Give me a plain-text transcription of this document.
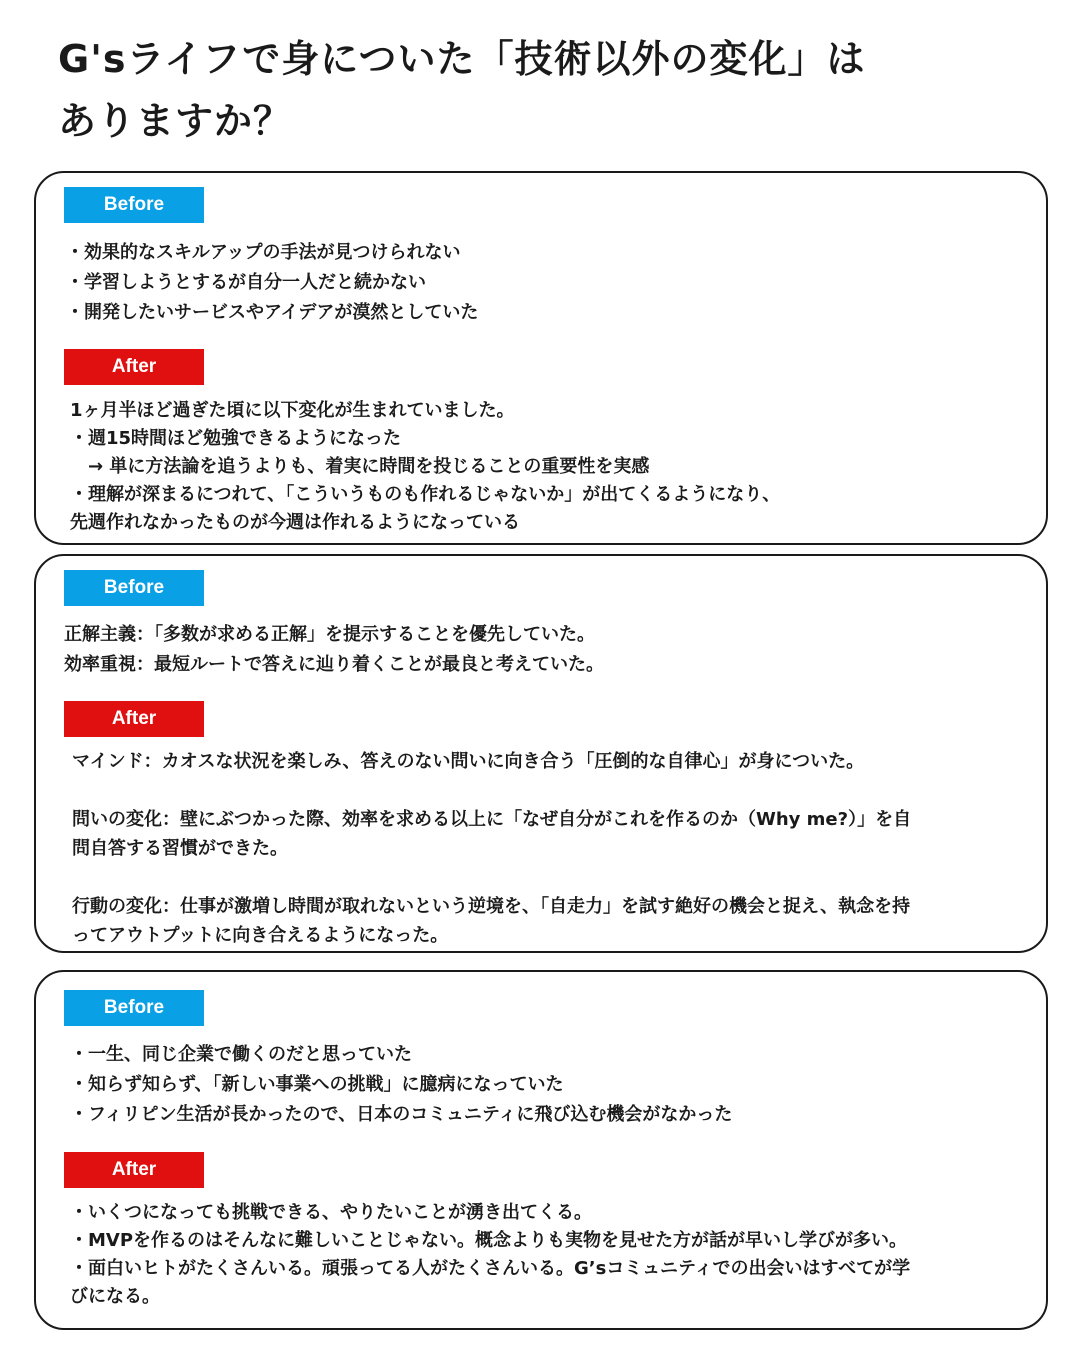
G'sライフで身についた「技術以外の変化」は
ありますか？
Before
・効果的なスキルアップの手法が見つけられない
・学習しようとするが自分一人だと続かない
・開発したいサービスやアイデアが漠然としていた
After
1ヶ月半ほど過ぎた頃に以下変化が生まれていました。
・週15時間ほど勉強できるようになった
　→ 単に方法論を追うよりも、着実に時間を投じることの重要性を実感
・理解が深まるにつれて、「こういうものも作れるじゃないか」が出てくるようになり、
先週作れなかったものが今週は作れるようになっている
Before
正解主義：「多数が求める正解」を提示することを優先していた。
効率重視：最短ルートで答えに辿り着くことが最良と考えていた。
After
マインド：カオスな状況を楽しみ、答えのない問いに向き合う「圧倒的な自律心」が身についた。
問いの変化：壁にぶつかった際、効率を求める以上に「なぜ自分がこれを作るのか（Why me?）」を自
問自答する習慣ができた。
行動の変化：仕事が激増し時間が取れないという逆境を、「自走力」を試す絶好の機会と捉え、執念を持
ってアウトプットに向き合えるようになった。
Before
・一生、同じ企業で働くのだと思っていた
・知らず知らず、「新しい事業への挑戦」に臆病になっていた
・フィリピン生活が長かったので、日本のコミュニティに飛び込む機会がなかった
After
・いくつになっても挑戦できる、やりたいことが湧き出てくる。
・MVPを作るのはそんなに難しいことじゃない。概念よりも実物を見せた方が話が早いし学びが多い。
・面白いヒトがたくさんいる。頑張ってる人がたくさんいる。G’sコミュニティでの出会いはすべてが学
びになる。
